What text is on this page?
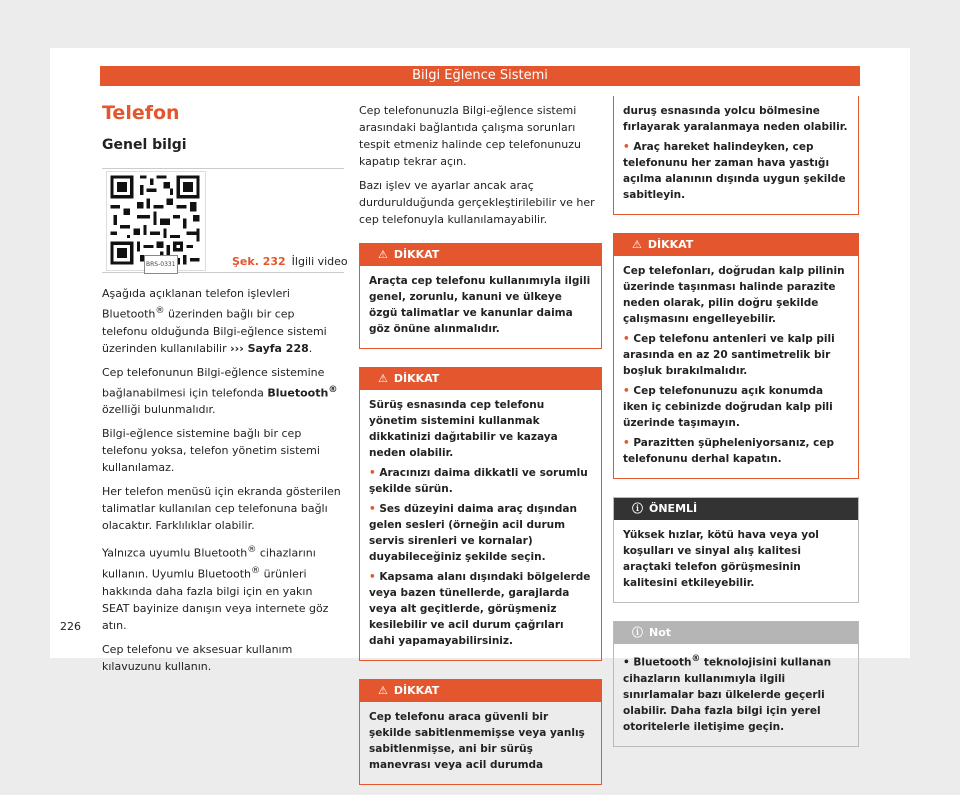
Bilgi Eğlence Sistemi
Telefon
Genel bilgi
BRS-0331	Şek. 232 İlgili video

Aşağıda açıklanan telefon işlevleri Bluetooth® üzerinden bağlı bir cep telefonu olduğunda Bilgi-eğlence sistemi üzerinden kullanılabilir ››› Sayfa 228.

Cep telefonunun Bilgi-eğlence sistemine bağlanabilmesi için telefonda Bluetooth® özelliği bulunmalıdır.

Bilgi-eğlence sistemine bağlı bir cep telefonu yoksa, telefon yönetim sistemi kullanılamaz.

Her telefon menüsü için ekranda gösterilen talimatlar kullanılan cep telefonuna bağlı olacaktır. Farklılıklar olabilir.

Yalnızca uyumlu Bluetooth® cihazlarını kullanın. Uyumlu Bluetooth® ürünleri hakkında daha fazla bilgi için en yakın SEAT bayinize danışın veya internete göz atın.

Cep telefonu ve aksesuar kullanım kılavuzunu kullanın.

Cep telefonunuzla Bilgi-eğlence sistemi arasındaki bağlantıda çalışma sorunları tespit etmeniz halinde cep telefonunuzu kapatıp tekrar açın.

Bazı işlev ve ayarlar ancak araç durdurulduğunda gerçekleştirilebilir ve her cep telefonuyla kullanılamayabilir.

⚠ DİKKAT

Araçta cep telefonu kullanımıyla ilgili genel, zorunlu, kanuni ve ülkeye özgü talimatlar ve kanunlar daima göz önüne alınmalıdır.

⚠ DİKKAT

Sürüş esnasında cep telefonu yönetim sistemini kullanmak dikkatinizi dağıtabilir ve kazaya neden olabilir.

• Aracınızı daima dikkatli ve sorumlu şekilde sürün.

• Ses düzeyini daima araç dışından gelen sesleri (örneğin acil durum servis sirenleri ve kornalar) duyabileceğiniz şekilde seçin.

• Kapsama alanı dışındaki bölgelerde veya bazen tünellerde, garajlarda veya alt geçitlerde, görüşmeniz kesilebilir ve acil durum çağrıları dahi yapamayabilirsiniz.

⚠ DİKKAT

Cep telefonu araca güvenli bir şekilde sabitlenmemişse veya yanlış sabitlenmişse, ani bir sürüş manevrası veya acil durumda

duruş esnasında yolcu bölmesine fırlayarak yaralanmaya neden olabilir.

• Araç hareket halindeyken, cep telefonunu her zaman hava yastığı açılma alanının dışında uygun şekilde sabitleyin.

⚠ DİKKAT

Cep telefonları, doğrudan kalp pilinin üzerinde taşınması halinde parazite neden olarak, pilin doğru şekilde çalışmasını engelleyebilir.

• Cep telefonu antenleri ve kalp pili arasında en az 20 santimetrelik bir boşluk bırakılmalıdır.

• Cep telefonunuzu açık konumda iken iç cebinizde doğrudan kalp pili üzerinde taşımayın.

• Parazitten şüpheleniyorsanız, cep telefonunu derhal kapatın.

ⓘ ÖNEMLİ

Yüksek hızlar, kötü hava veya yol koşulları ve sinyal alış kalitesi araçtaki telefon görüşmesinin kalitesini etkileyebilir.

ⓘ Not

• Bluetooth® teknolojisini kullanan cihazların kullanımıyla ilgili sınırlamalar bazı ülkelerde geçerli olabilir. Daha fazla bilgi için yerel otoritelerle iletişime geçin.

226
